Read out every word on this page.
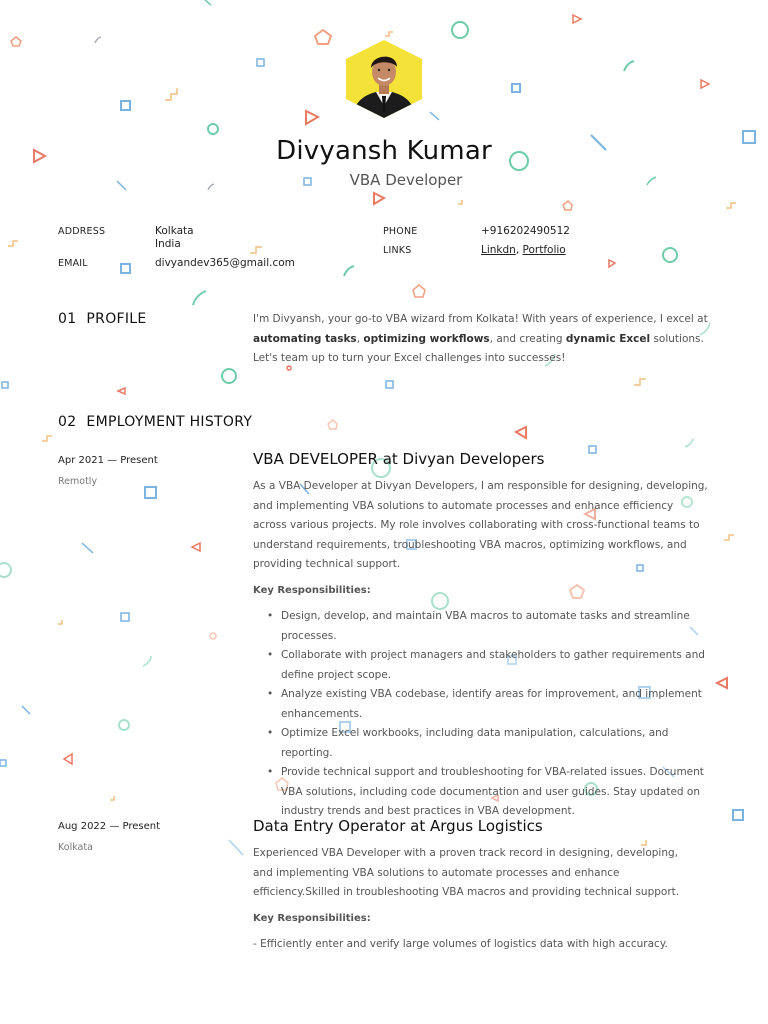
Divyansh Kumar
VBA Developer
ADDRESS	Kolkata
India
EMAIL	divyandev365@gmail.com
PHONE	+916202490512
LINKS	Linkdn, Portfolio
01 PROFILE	I'm Divyansh, your go-to VBA wizard from Kolkata! With years of experience, I excel at automating tasks, optimizing workflows, and creating dynamic Excel solutions. Let's team up to turn your Excel challenges into successes!
02 EMPLOYMENT HISTORY
Apr 2021 — Present
Remotly
VBA DEVELOPER at Divyan Developers
As a VBA Developer at Divyan Developers, I am responsible for designing, developing, and implementing VBA solutions to automate processes and enhance efficiency across various projects. My role involves collaborating with cross-functional teams to understand requirements, troubleshooting VBA macros, optimizing workflows, and providing technical support.
Key Responsibilities:
• Design, develop, and maintain VBA macros to automate tasks and streamline processes.
• Collaborate with project managers and stakeholders to gather requirements and define project scope.
• Analyze existing VBA codebase, identify areas for improvement, and implement enhancements.
• Optimize Excel workbooks, including data manipulation, calculations, and reporting.
• Provide technical support and troubleshooting for VBA-related issues. Document VBA solutions, including code documentation and user guides. Stay updated on industry trends and best practices in VBA development.
Aug 2022 — Present
Kolkata
Data Entry Operator at Argus Logistics
Experienced VBA Developer with a proven track record in designing, developing, and implementing VBA solutions to automate processes and enhance efficiency.Skilled in troubleshooting VBA macros and providing technical support.
Key Responsibilities:
- Efficiently enter and verify large volumes of logistics data with high accuracy.
